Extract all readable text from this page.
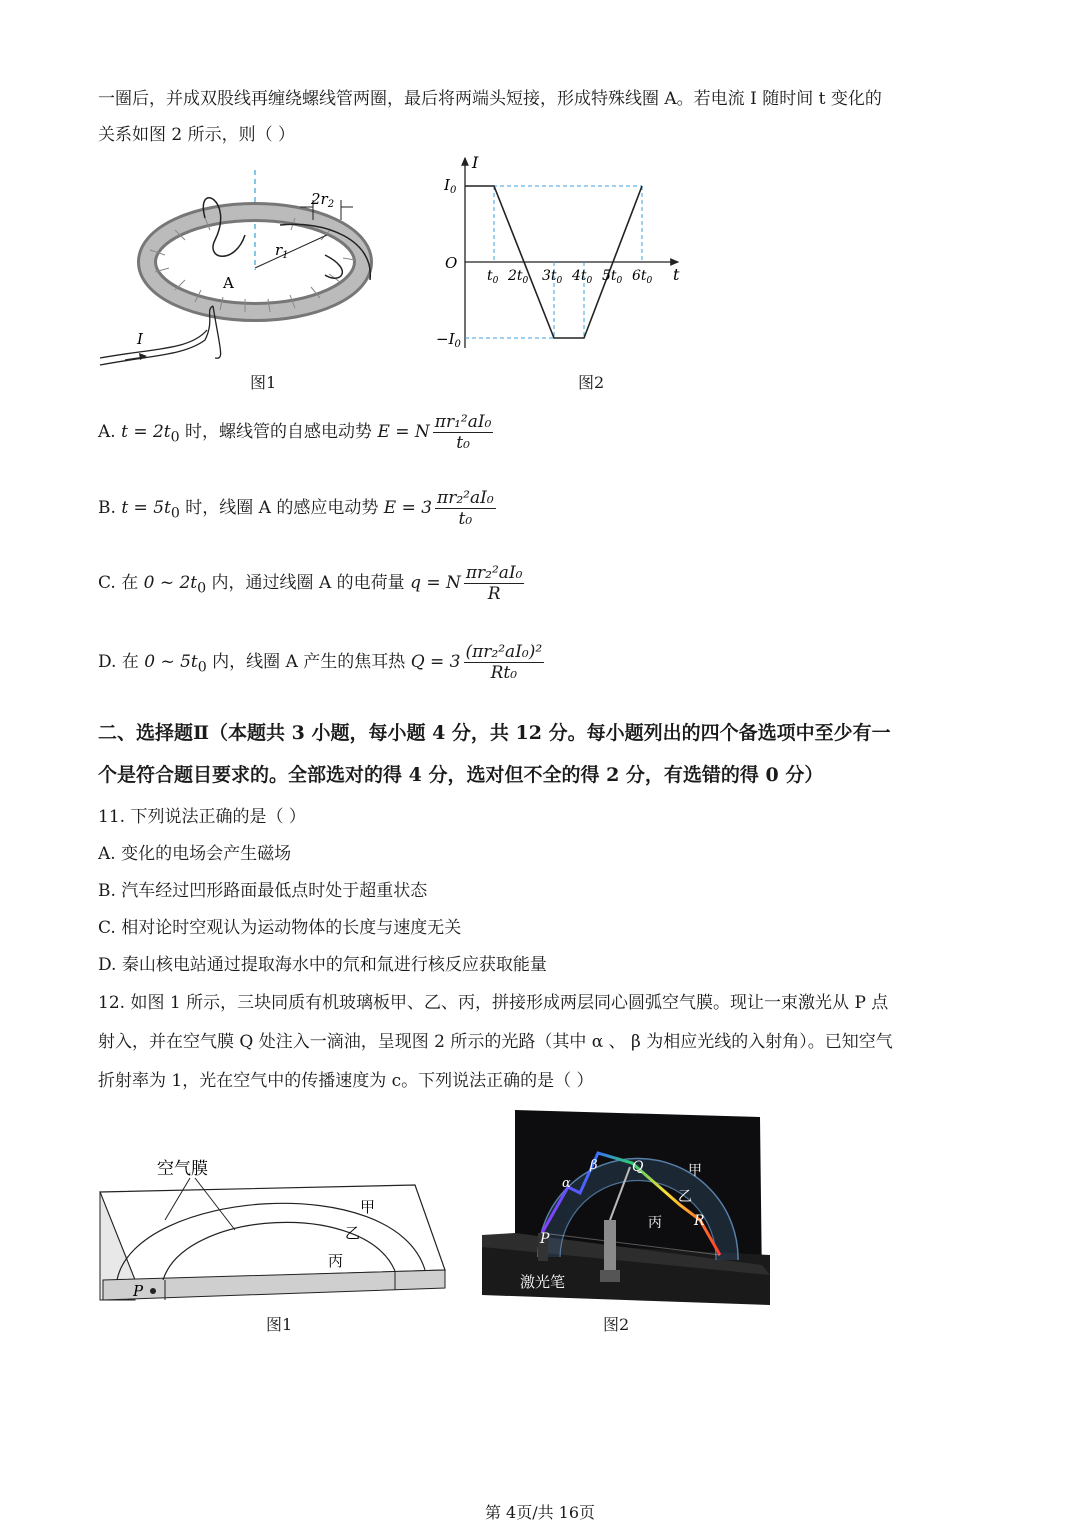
一圈后，并成双股线再缠绕螺线管两圈，最后将两端头短接，形成特殊线圈 A。若电流 I 随时间 t 变化的
关系如图 2 所示，则（ ）
$2r_2$
$r_1$
A
I
图1
I
t
O
$I_0$
$-I_0$
$t_0$ $2t_0$ $3t_0$ $4t_0$ $5t_0$ $6t_0$
图2
A. $t = 2t_0$ 时，螺线管的自感电动势 E = N $\frac{\text{πr₁²aI₀}}{\text{t₀}}$
B. $t = 5t_0$ 时，线圈 A 的感应电动势 $E = 3 \frac{\text{πr₂²aI₀}}{\text{t₀}}$
C. 在 0 ~ $2t_0$ 内，通过线圈 A 的电荷量 q = N $\frac{\text{πr₂²aI₀}}{R}$
D. 在 0 ~ $5t_0$ 内，线圈 A 产生的焦耳热 $Q = 3 \frac{\text{(πr₂²aI₀)²}}{\text{Rt₀}}$
二、选择题Ⅱ（本题共 3 小题，每小题 4 分，共 12 分。每小题列出的四个备选项中至少有一
个是符合题目要求的。全部选对的得 4 分，选对但不全的得 2 分，有选错的得 0 分）
11. 下列说法正确的是（ ）
A. 变化的电场会产生磁场
B. 汽车经过凹形路面最低点时处于超重状态
C. 相对论时空观认为运动物体的长度与速度无关
D. 秦山核电站通过提取海水中的氘和氚进行核反应获取能量
12. 如图 1 所示，三块同质有机玻璃板甲、乙、丙，拼接形成两层同心圆弧空气膜。现让一束激光从 P 点
射入，并在空气膜 Q 处注入一滴油，呈现图 2 所示的光路（其中 α 、 β 为相应光线的入射角）。已知空气
折射率为 1，光在空气中的传播速度为 c。下列说法正确的是（ ）
空气膜
甲
乙
丙
P
图1
P
Q
R
α
β	甲
乙
丙
激光笔
图2
第 4页/共 16页
